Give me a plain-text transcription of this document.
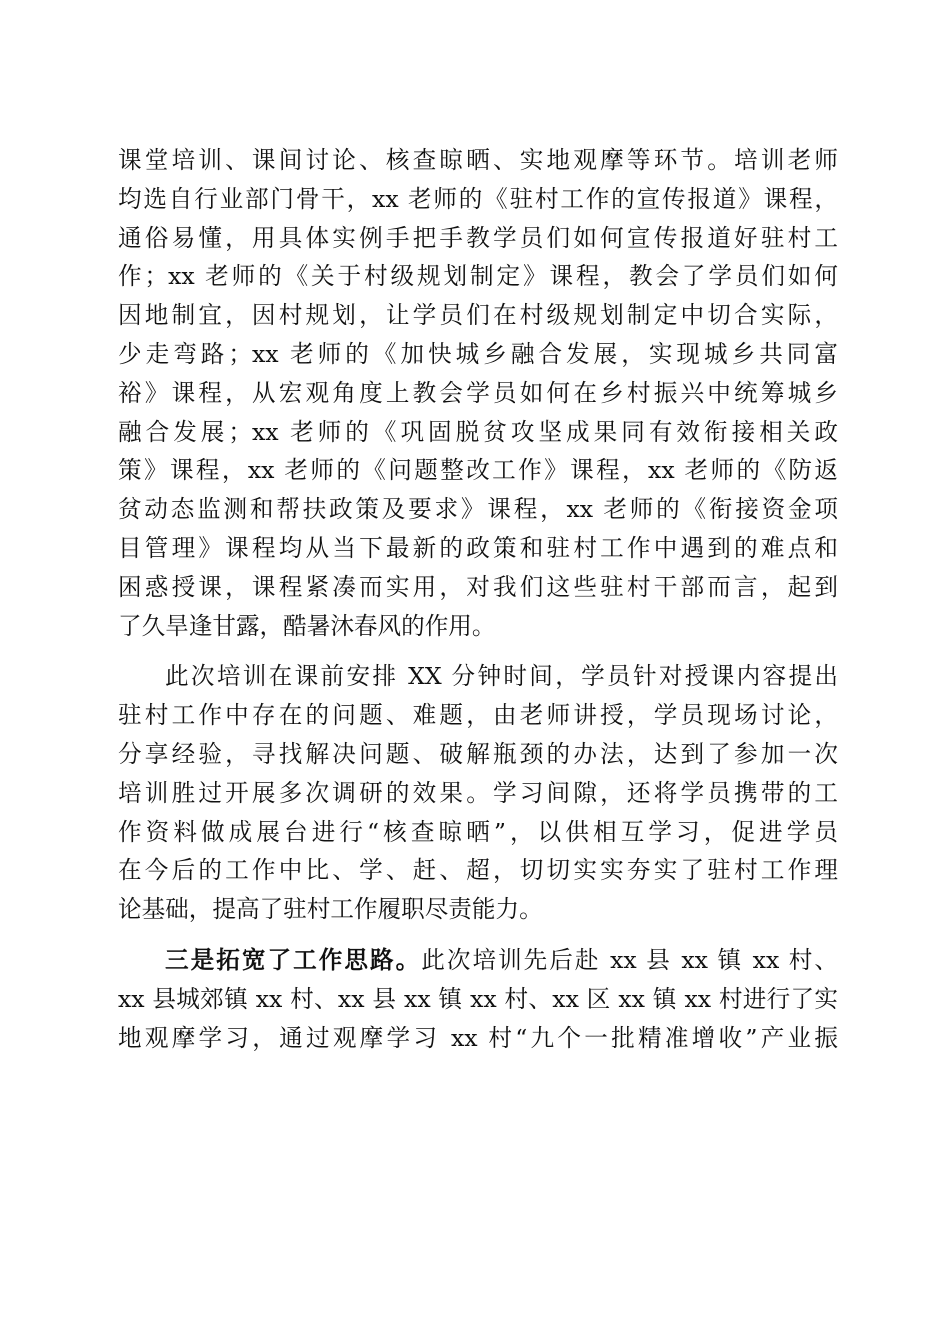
课堂培训、课间讨论、核查晾晒、实地观摩等环节。培训老师
均选自行业部门骨干，xx 老师的《驻村工作的宣传报道》课程，
通俗易懂，用具体实例手把手教学员们如何宣传报道好驻村工
作；xx 老师的《关于村级规划制定》课程，教会了学员们如何
因地制宜，因村规划，让学员们在村级规划制定中切合实际，
少走弯路；xx 老师的《加快城乡融合发展，实现城乡共同富
裕》课程，从宏观角度上教会学员如何在乡村振兴中统筹城乡
融合发展；xx 老师的《巩固脱贫攻坚成果同有效衔接相关政
策》课程，xx 老师的《问题整改工作》课程，xx 老师的《防返
贫动态监测和帮扶政策及要求》课程，xx 老师的《衔接资金项
目管理》课程均从当下最新的政策和驻村工作中遇到的难点和
困惑授课，课程紧凑而实用，对我们这些驻村干部而言，起到
了久旱逢甘露，酷暑沐春风的作用。
此次培训在课前安排 XX 分钟时间，学员针对授课内容提出
驻村工作中存在的问题、难题，由老师讲授，学员现场讨论，
分享经验，寻找解决问题、破解瓶颈的办法，达到了参加一次
培训胜过开展多次调研的效果。学习间隙，还将学员携带的工
作资料做成展台进行“核查晾晒”，以供相互学习，促进学员
在今后的工作中比、学、赶、超，切切实实夯实了驻村工作理
论基础，提高了驻村工作履职尽责能力。
三是拓宽了工作思路。此次培训先后赴 xx 县 xx 镇 xx 村、
xx 县城郊镇 xx 村、xx 县 xx 镇 xx 村、xx 区 xx 镇 xx 村进行了实
地观摩学习，通过观摩学习 xx 村“九个一批精准增收”产业振
